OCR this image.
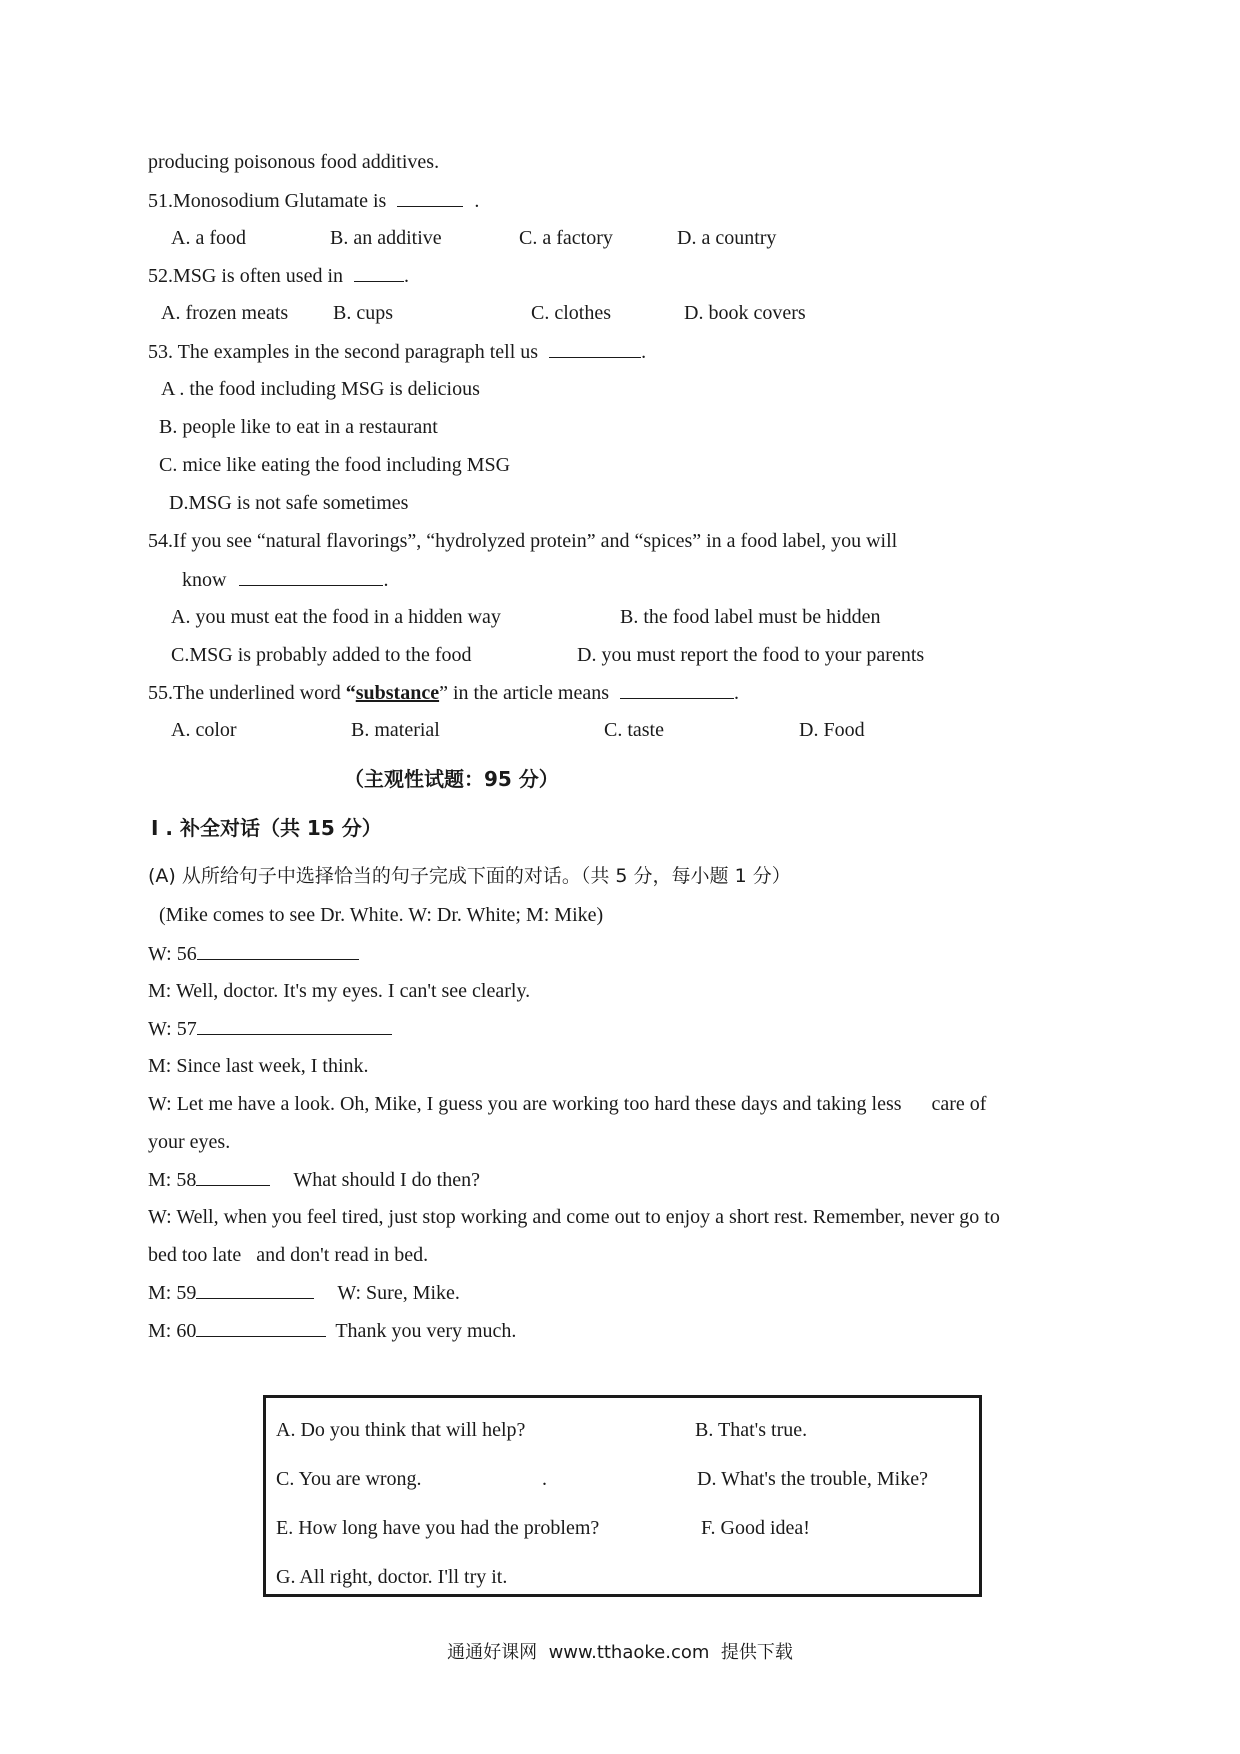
producing poisonous food additives.
51.Monosodium Glutamate is	.
A. a food	B. an additive	C. a factory	D. a country
52.MSG is often used in	.
A. frozen meats B. cups	C. clothes	D. book covers
53. The examples in the second paragraph tell us	.
A . the food including MSG is delicious
B. people like to eat in a restaurant
C. mice like eating the food including MSG
D.MSG is not safe sometimes
54.If you see “natural flavorings”, “hydrolyzed protein” and “spices” in a food label, you will
know	.
A. you must eat the food in a hidden way	B. the food label must be hidden
C.MSG is probably added to the food	D. you must report the food to your parents
55.The underlined word “substance” in the article means	.
A. color	B. material	C. taste	D. Food
（主观性试题：95 分）
I . 补全对话（共 15 分）
(A) 从所给句子中选择恰当的句子完成下面的对话。（共 5 分，每小题 1 分）
(Mike comes to see Dr. White. W: Dr. White; M: Mike)
W: 56
M: Well, doctor. It's my eyes. I can't see clearly.
W: 57
M: Since last week, I think.
W: Let me have a look. Oh, Mike, I guess you are working too hard these days and taking less      care of
your eyes.
M: 58	What should I do then?
W: Well, when you feel tired, just stop working and come out to enjoy a short rest. Remember, never go to
bed too late   and don't read in bed.
M: 59	W: Sure, Mike.
M: 60	Thank you very much.
A. Do you think that will help?	B. That's true.
C. You are wrong.	.	D. What's the trouble, Mike?
E. How long have you had the problem?	F. Good idea!
G. All right, doctor. I'll try it.
通通好课网  www.tthaoke.com  提供下载
